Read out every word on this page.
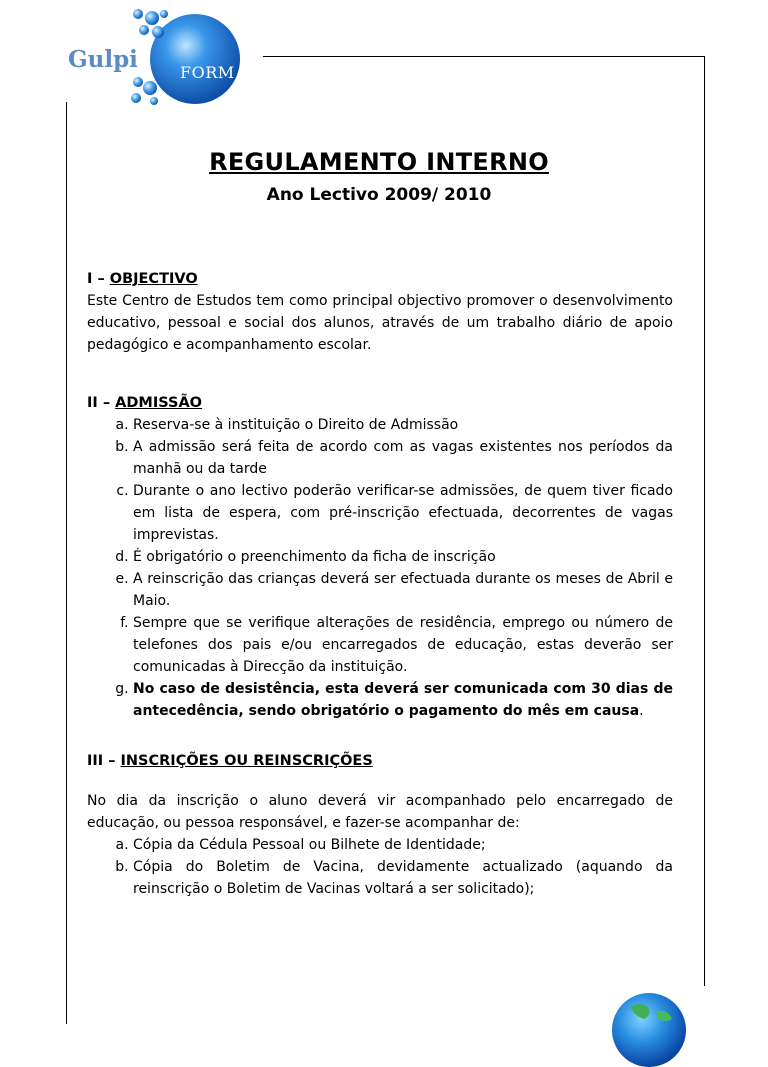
Gulpi	FORM
REGULAMENTO INTERNO
Ano Lectivo 2009/ 2010
I – OBJECTIVO

Este Centro de Estudos tem como principal objectivo promover o desenvolvimento educativo, pessoal e social dos alunos, através de um trabalho diário de apoio pedagógico e acompanhamento escolar.

II – ADMISSÃO
a. Reserva-se à instituição o Direito de Admissão
b. A admissão será feita de acordo com as vagas existentes nos períodos da manhã ou da tarde
c. Durante o ano lectivo poderão verificar-se admissões, de quem tiver ficado em lista de espera, com pré-inscrição efectuada, decorrentes de vagas imprevistas.
d. É obrigatório o preenchimento da ficha de inscrição
e. A reinscrição das crianças deverá ser efectuada durante os meses de Abril e Maio.
f. Sempre que se verifique alterações de residência, emprego ou número de telefones dos pais e/ou encarregados de educação, estas deverão ser comunicadas à Direcção da instituição.
g. No caso de desistência, esta deverá ser comunicada com 30 dias de antecedência, sendo obrigatório o pagamento do mês em causa.
III – INSCRIÇÕES OU REINSCRIÇÕES

No dia da inscrição o aluno deverá vir acompanhado pelo encarregado de educação, ou pessoa responsável, e fazer-se acompanhar de:

a. Cópia da Cédula Pessoal ou Bilhete de Identidade;
b. Cópia do Boletim de Vacina, devidamente actualizado (aquando da reinscrição o Boletim de Vacinas voltará a ser solicitado);
